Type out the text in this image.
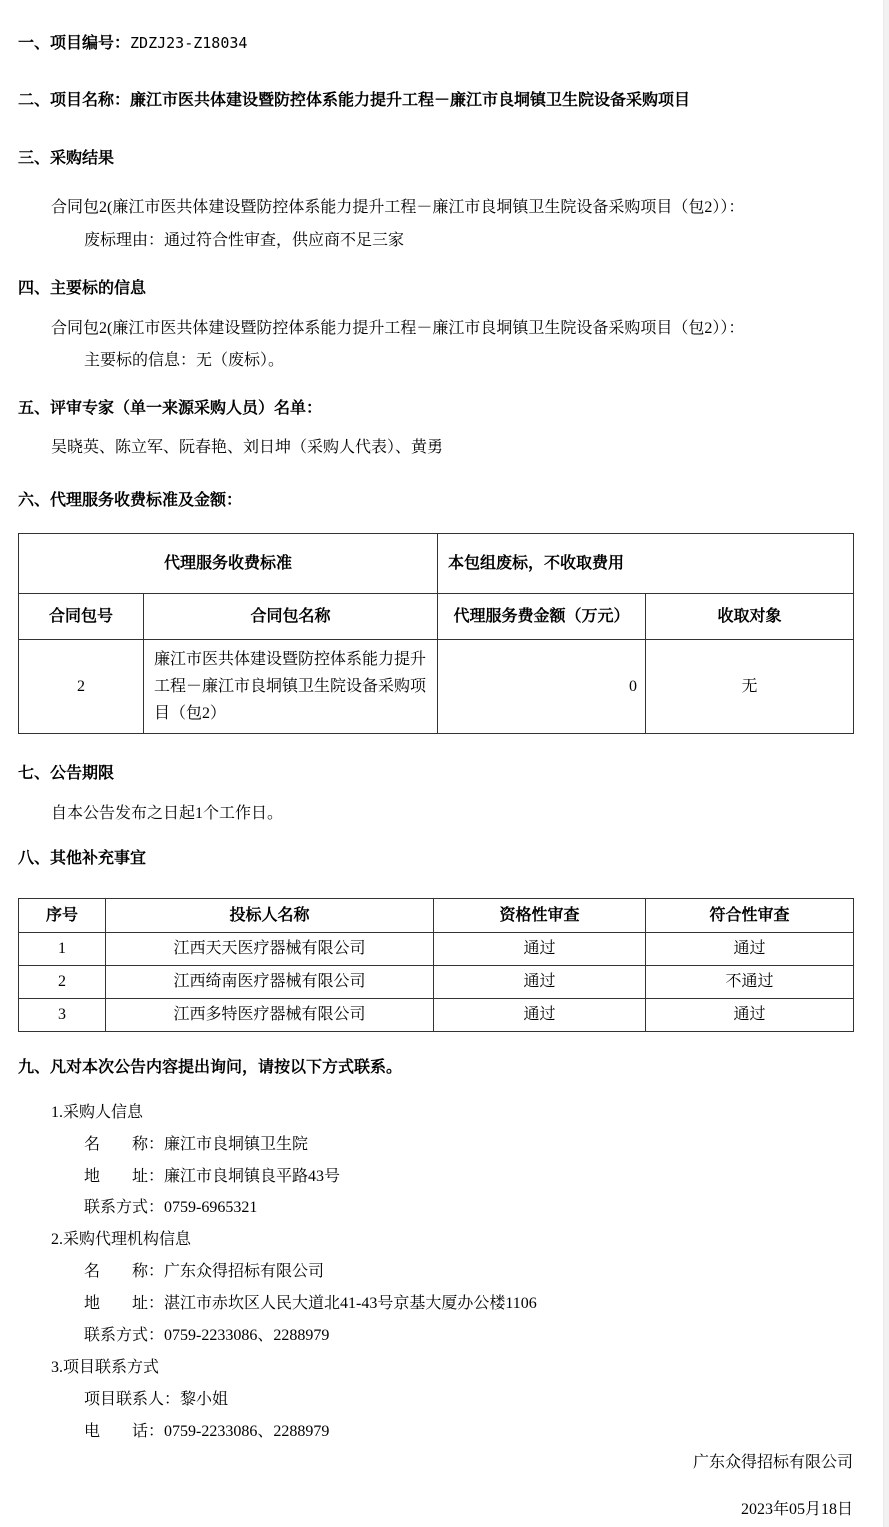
一、项目编号：ZDZJ23-Z18034

二、项目名称：廉江市医共体建设暨防控体系能力提升工程－廉江市良垌镇卫生院设备采购项目

三、采购结果

合同包2(廉江市医共体建设暨防控体系能力提升工程－廉江市良垌镇卫生院设备采购项目（包2））：

废标理由：通过符合性审查，供应商不足三家

四、主要标的信息

合同包2(廉江市医共体建设暨防控体系能力提升工程－廉江市良垌镇卫生院设备采购项目（包2））：

主要标的信息：无（废标）。

五、评审专家（单一来源采购人员）名单：

吴晓英、陈立军、阮春艳、刘日坤（采购人代表）、黄勇

六、代理服务收费标准及金额：

代理服务收费标准		本包组废标，不收取费用	
合同包号	合同包名称	代理服务费金额（万元）	收取对象
2	廉江市医共体建设暨防控体系能力提升工程－廉江市良垌镇卫生院设备采购项目（包2）	0	无

七、公告期限

自本公告发布之日起1个工作日。

八、其他补充事宜

序号	投标人名称	资格性审查	符合性审查
1	江西天天医疗器械有限公司	通过	通过
2	江西绮南医疗器械有限公司	通过	不通过
3	江西多特医疗器械有限公司	通过	通过

九、凡对本次公告内容提出询问，请按以下方式联系。

1.采购人信息

名　　称：廉江市良垌镇卫生院

地　　址：廉江市良垌镇良平路43号

联系方式：0759-6965321

2.采购代理机构信息

名　　称：广东众得招标有限公司

地　　址：湛江市赤坎区人民大道北41-43号京基大厦办公楼1106

联系方式：0759-2233086、2288979

3.项目联系方式

项目联系人：黎小姐

电　　话：0759-2233086、2288979

广东众得招标有限公司

2023年05月18日
